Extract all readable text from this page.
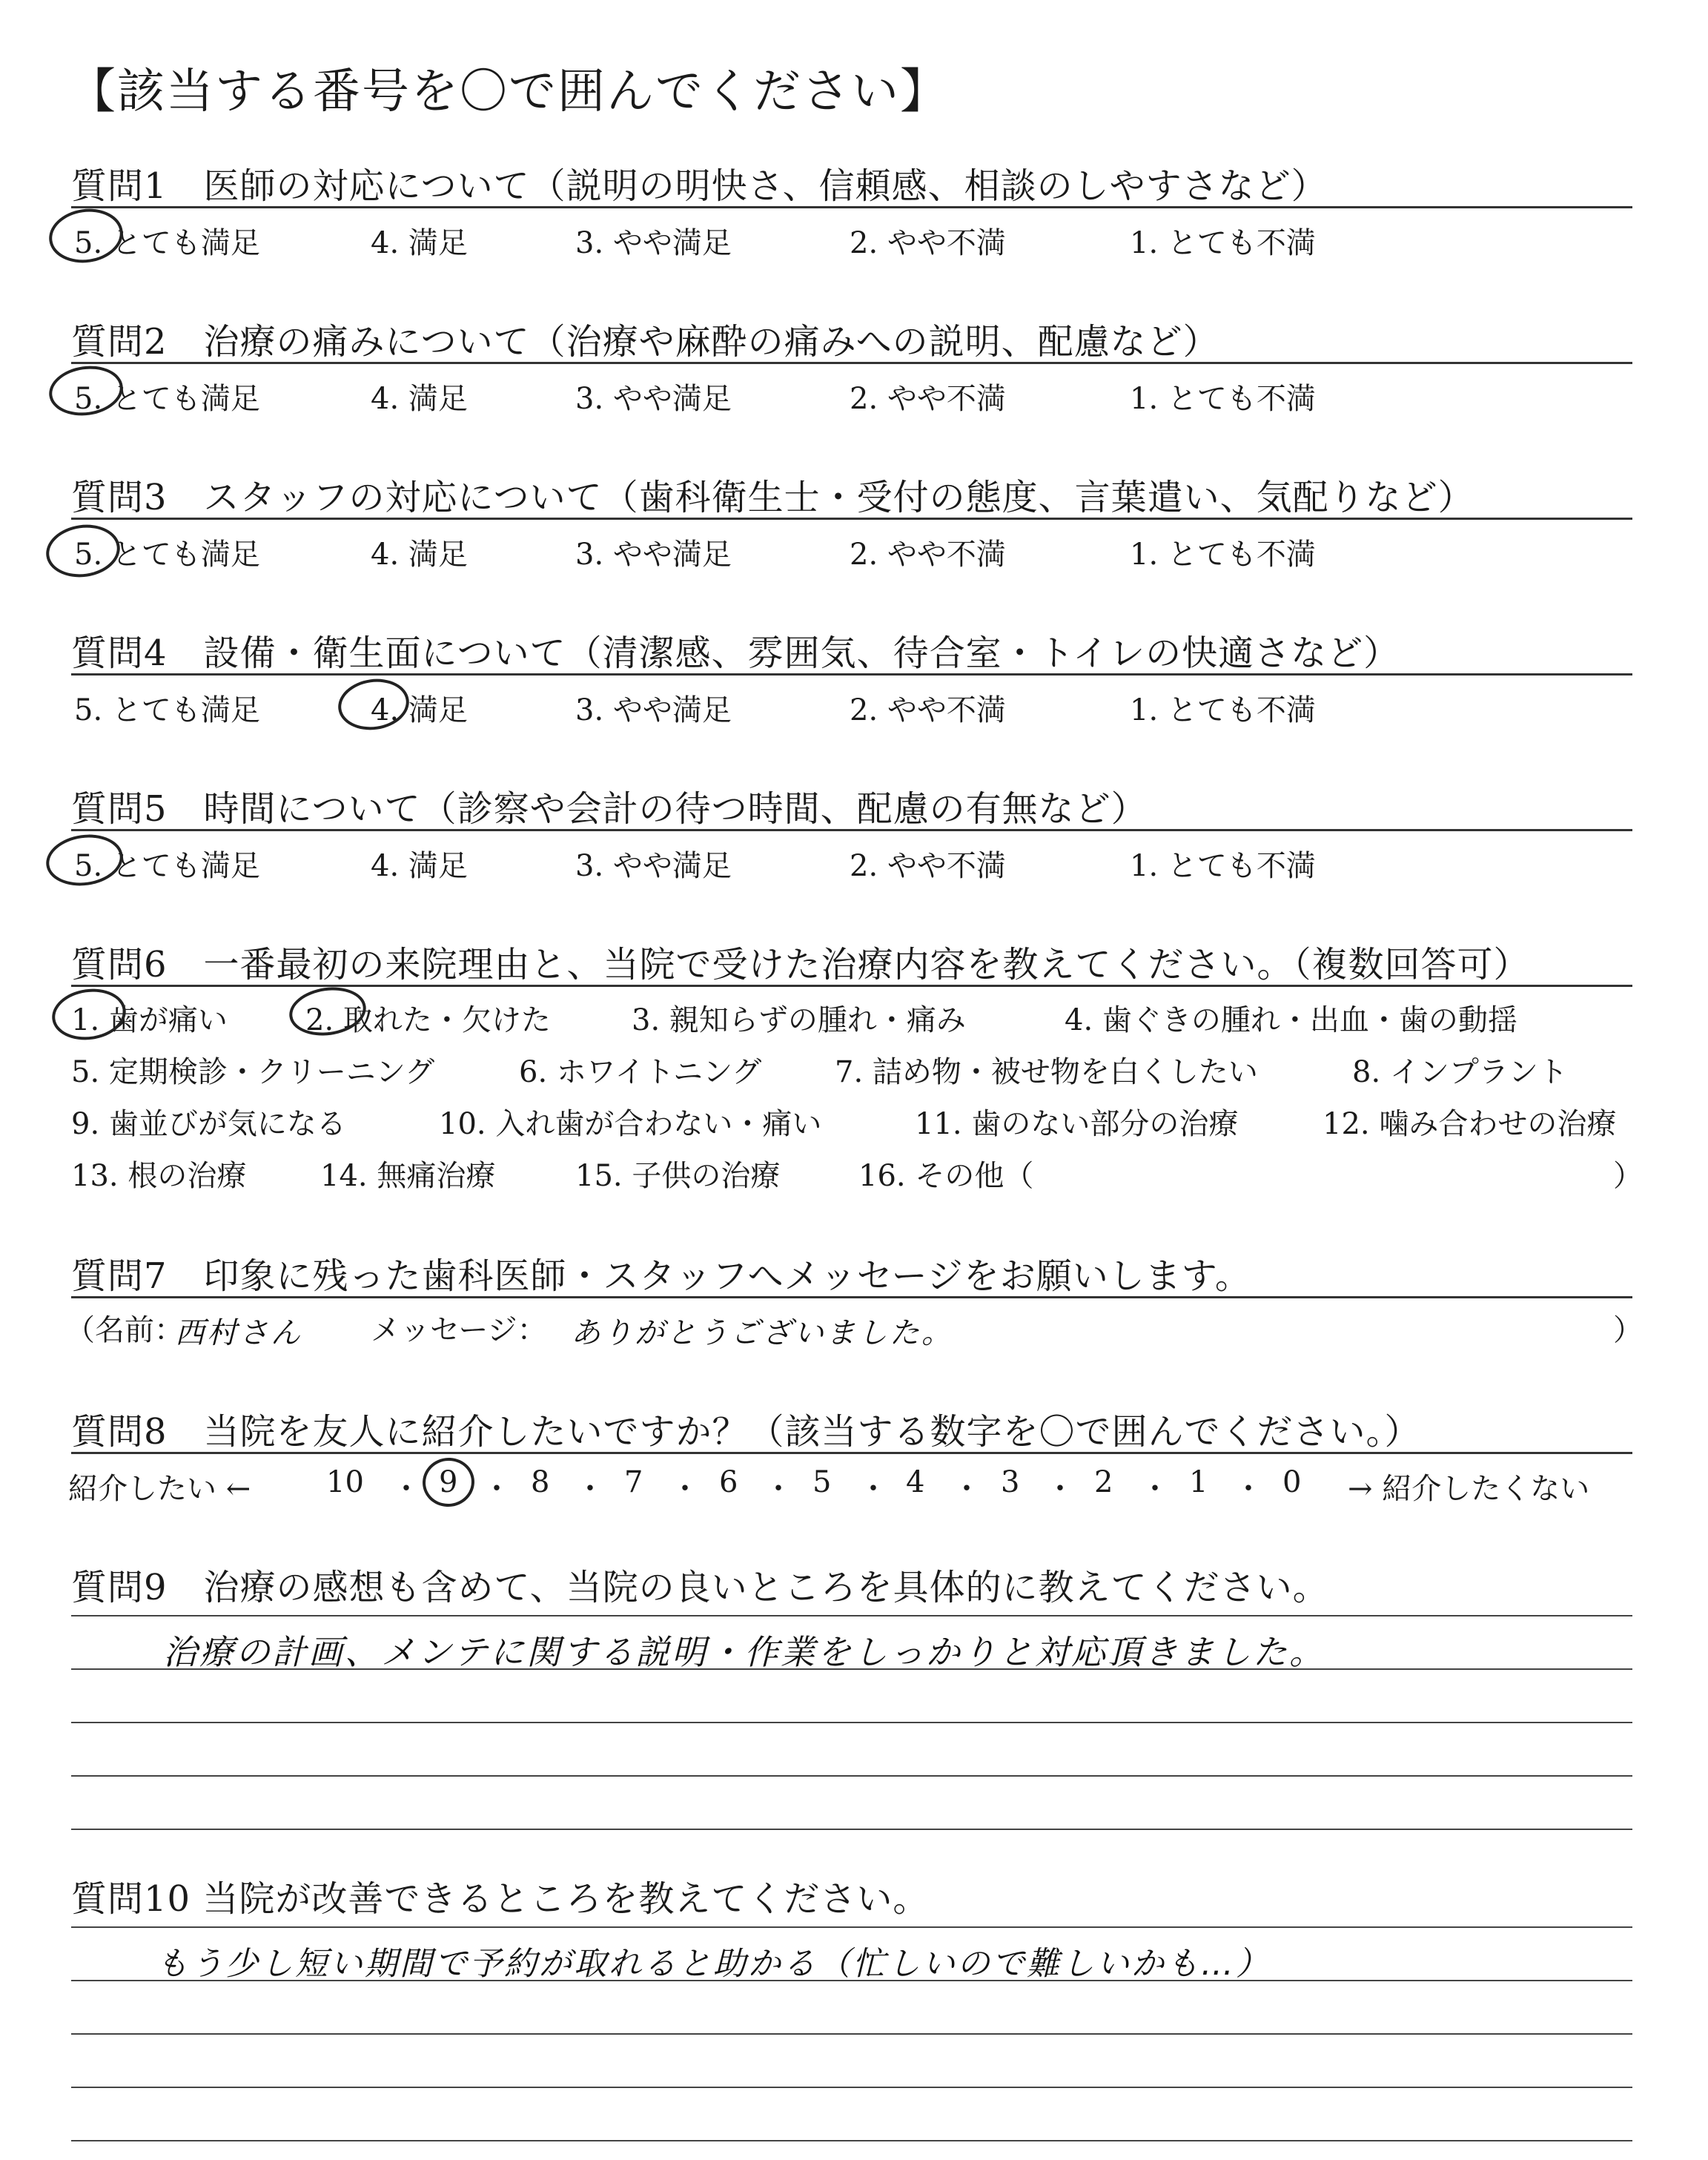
【該当する番号を〇で囲んでください】
質問1　医師の対応について（説明の明快さ、信頼感、相談のしやすさなど）
5. とても満足	4. 満足	3. やや満足	2. やや不満	1. とても不満
質問2　治療の痛みについて（治療や麻酔の痛みへの説明、配慮など）
5. とても満足	4. 満足	3. やや満足	2. やや不満	1. とても不満
質問3　スタッフの対応について（歯科衛生士・受付の態度、言葉遣い、気配りなど）
5. とても満足	4. 満足	3. やや満足	2. やや不満	1. とても不満
質問4　設備・衛生面について（清潔感、雰囲気、待合室・トイレの快適さなど）
5. とても満足	4. 満足	3. やや満足	2. やや不満	1. とても不満
質問5　時間について（診察や会計の待つ時間、配慮の有無など）
5. とても満足	4. 満足	3. やや満足	2. やや不満	1. とても不満
質問6　一番最初の来院理由と、当院で受けた治療内容を教えてください。（複数回答可）
1. 歯が痛い	2. 取れた・欠けた	3. 親知らずの腫れ・痛み	4. 歯ぐきの腫れ・出血・歯の動揺
5. 定期検診・クリーニング	6. ホワイトニング 7. 詰め物・被せ物を白くしたい	8. インプラント
9. 歯並びが気になる	10. 入れ歯が合わない・痛い	11. 歯のない部分の治療	12. 噛み合わせの治療
13. 根の治療 14. 無痛治療	15. 子供の治療	16. その他（	）
質問7　印象に残った歯科医師・スタッフへメッセージをお願いします。
（名前：
西村さん メッセージ： ありがとうございました。	）
質問8　当院を友人に紹介したいですか？（該当する数字を〇で囲んでください。）
紹介したい ←	10 ・ 9 ・ 8 ・ 7 ・ 6 ・ 5 ・ 4 ・ 3 ・ 2 ・ 1 ・ 0 → 紹介したくない
質問9　治療の感想も含めて、当院の良いところを具体的に教えてください。
治療の計画、メンテに関する説明・作業をしっかりと対応頂きました。
質問10 当院が改善できるところを教えてください。
もう少し短い期間で予約が取れると助かる（忙しいので難しいかも…）
